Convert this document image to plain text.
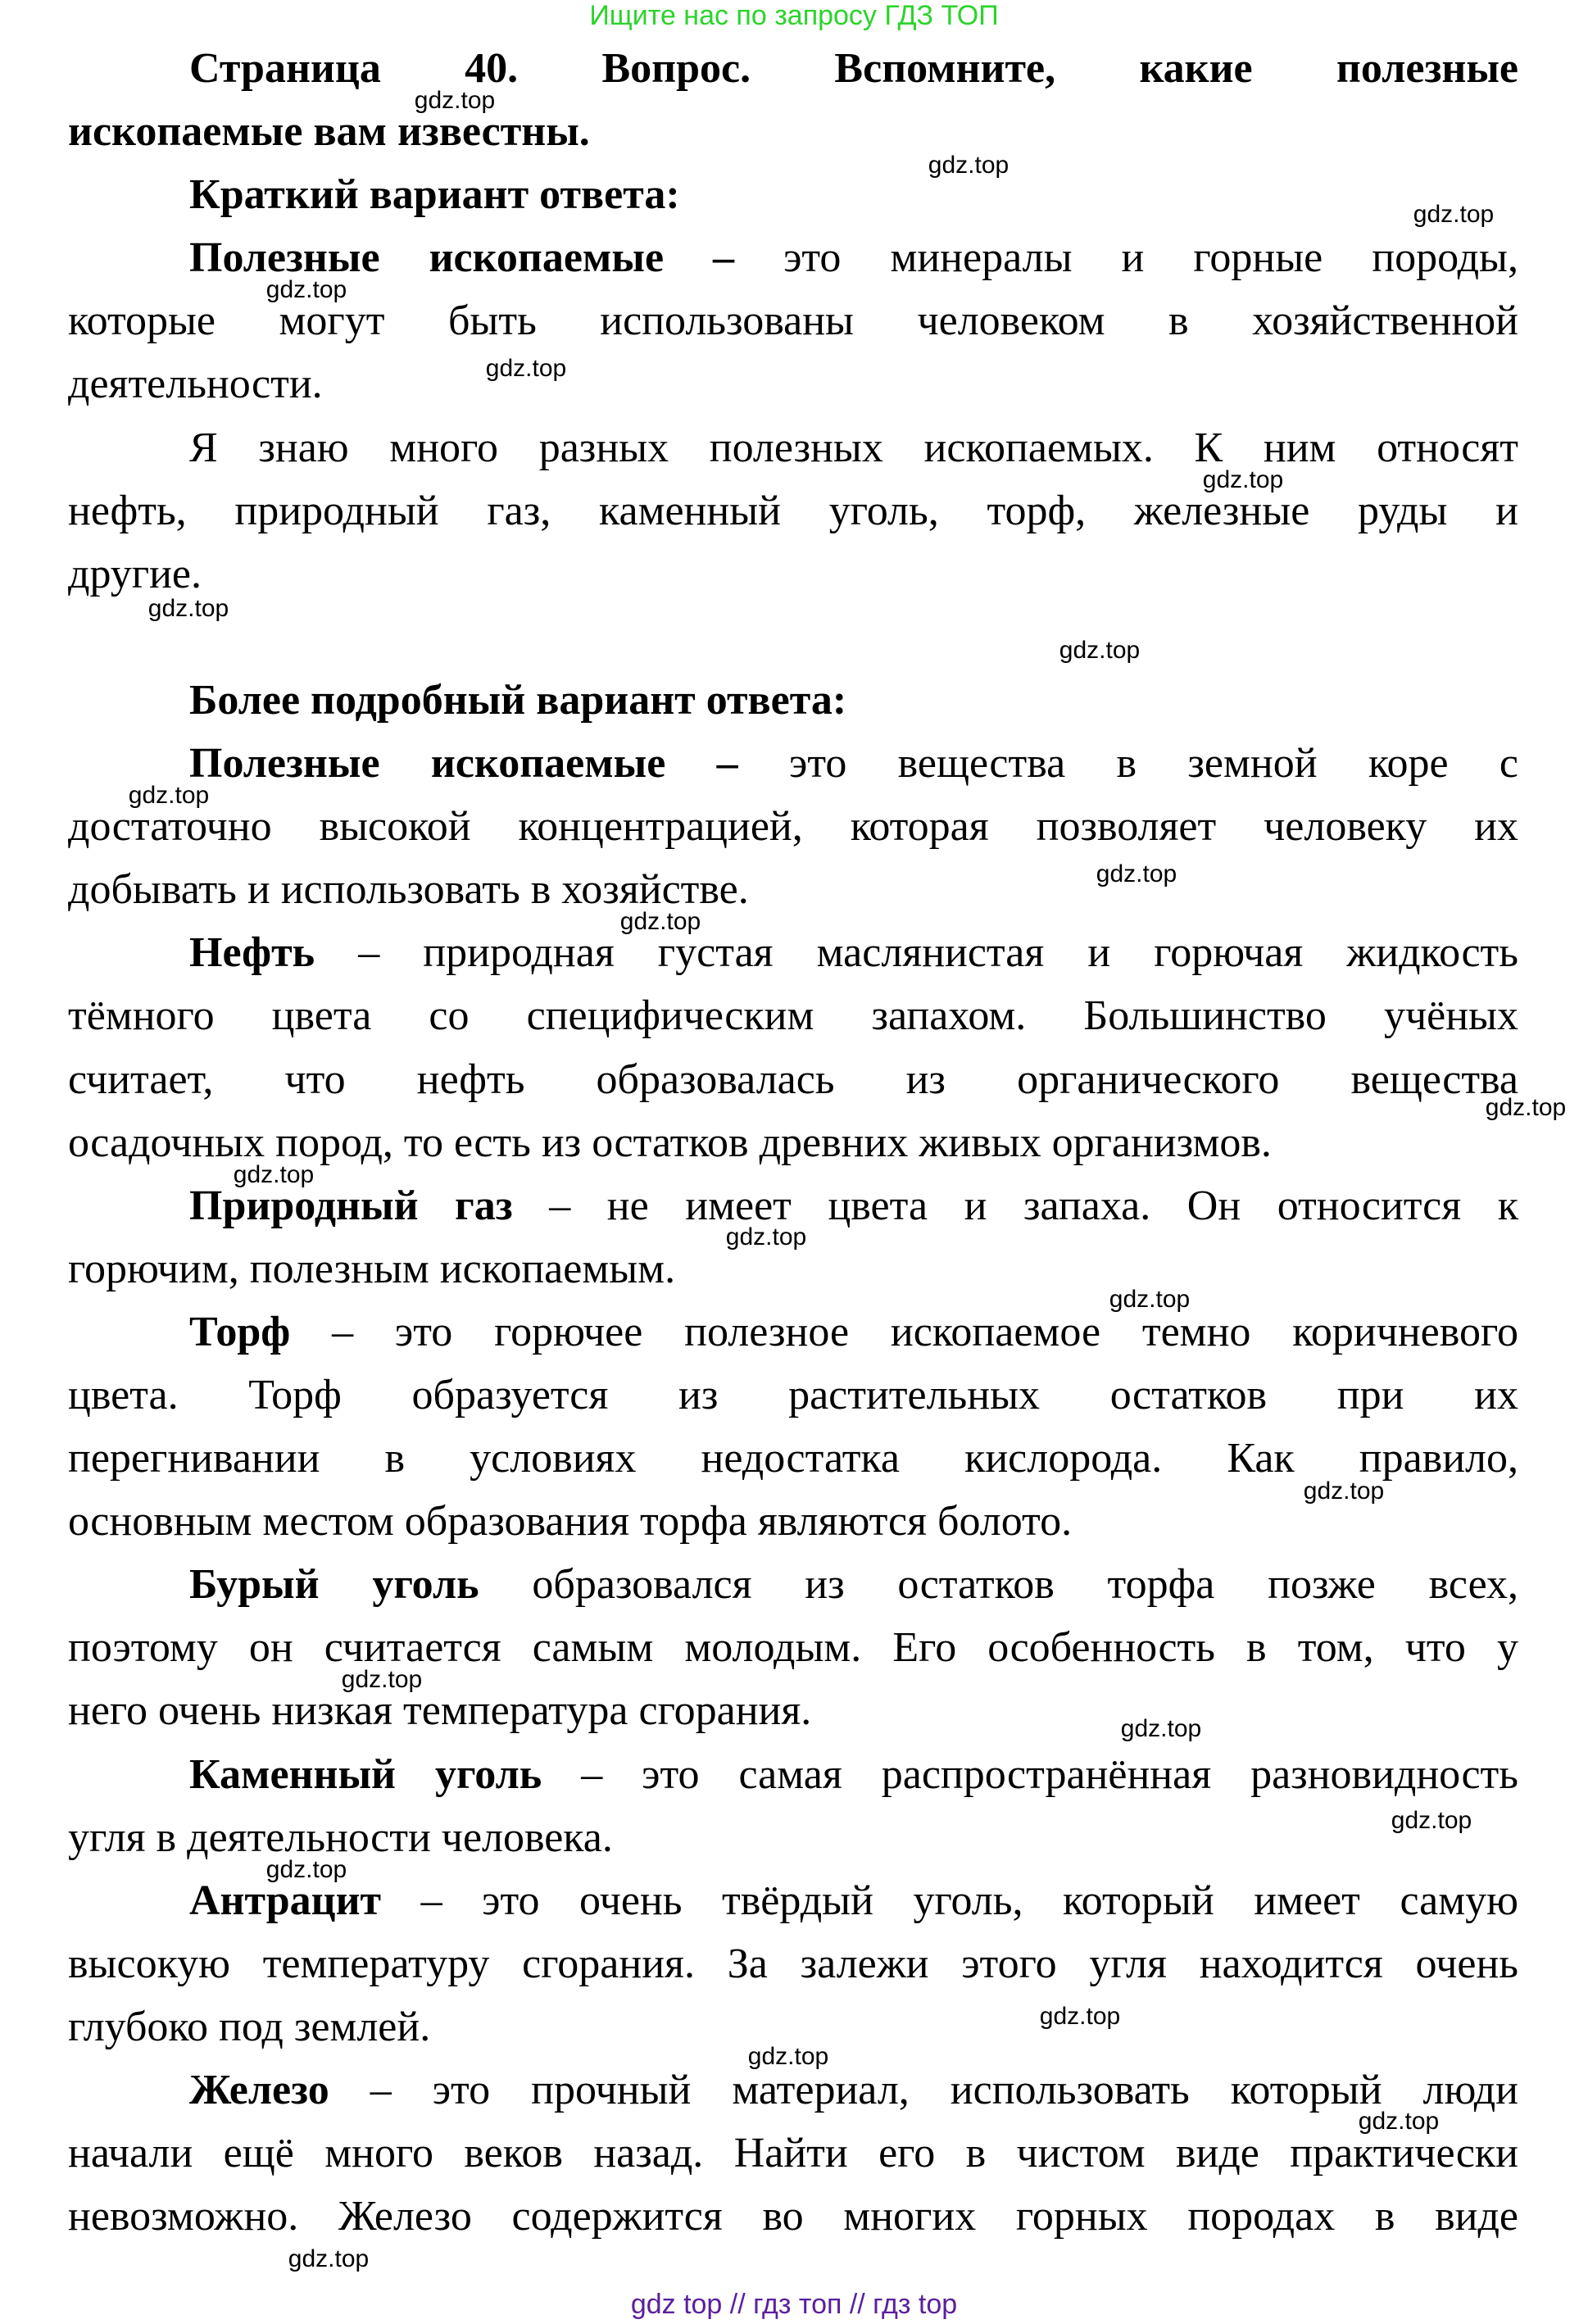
Ищите нас по запросу ГДЗ ТОП
Страница 40. Вопрос. Вспомните, какие полезные
ископаемые вам известны.
Краткий вариант ответа:
Полезные ископаемые – это минералы и горные породы,
которые могут быть использованы человеком в хозяйственной
деятельности.
Я знаю много разных полезных ископаемых. К ним относят
нефть, природный газ, каменный уголь, торф, железные руды и
другие.
Более подробный вариант ответа:
Полезные ископаемые – это вещества в земной коре с
достаточно высокой концентрацией, которая позволяет человеку их
добывать и использовать в хозяйстве.
Нефть – природная густая маслянистая и горючая жидкость
тёмного цвета со специфическим запахом. Большинство учёных
считает, что нефть образовалась из органического вещества
осадочных пород, то есть из остатков древних живых организмов.
Природный газ – не имеет цвета и запаха. Он относится к
горючим, полезным ископаемым.
Торф – это горючее полезное ископаемое темно коричневого
цвета. Торф образуется из растительных остатков при их
перегнивании в условиях недостатка кислорода. Как правило,
основным местом образования торфа являются болото.
Бурый уголь образовался из остатков торфа позже всех,
поэтому он считается самым молодым. Его особенность в том, что у
него очень низкая температура сгорания.
Каменный уголь – это самая распространённая разновидность
угля в деятельности человека.
Антрацит – это очень твёрдый уголь, который имеет самую
высокую температуру сгорания. За залежи этого угля находится очень
глубоко под землей.
Железо – это прочный материал, использовать который люди
начали ещё много веков назад. Найти его в чистом виде практически
невозможно. Железо содержится во многих горных породах в виде
gdz.top
gdz.top
gdz.top
gdz.top
gdz.top
gdz.top
gdz.top
gdz.top
gdz.top
gdz.top
gdz.top
gdz.top
gdz.top
gdz.top
gdz.top
gdz.top
gdz.top
gdz.top
gdz.top
gdz.top
gdz.top
gdz.top
gdz.top
gdz.top
gdz top // гдз топ // гдз top
